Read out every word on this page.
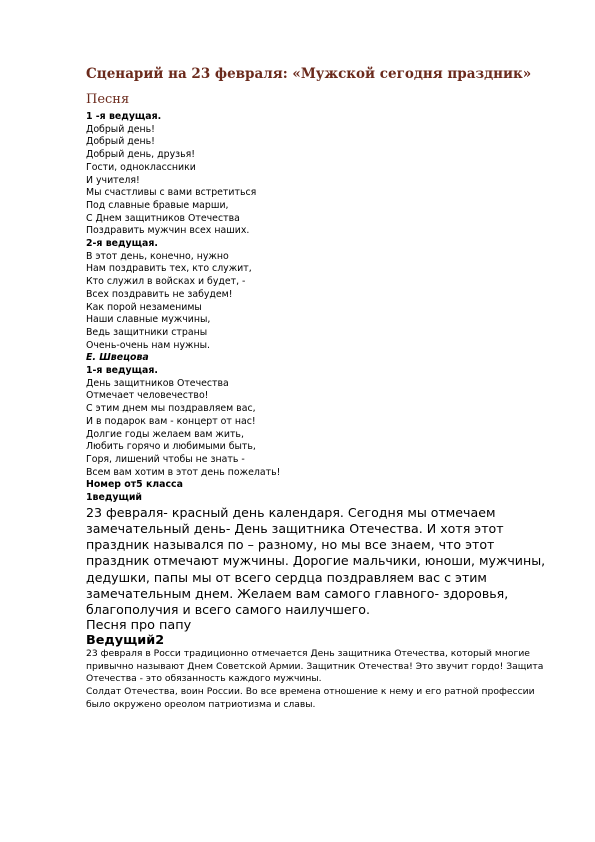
Сценарий на 23 февраля: «Мужской сегодня праздник»
Песня

1 -я ведущая.

Добрый день!

Добрый день!

Добрый день, друзья!

Гости, одноклассники

И учителя!

Мы счастливы с вами встретиться

Под славные бравые марши,

С Днем защитников Отечества

Поздравить мужчин всех наших.

2-я ведущая.

В этот день, конечно, нужно

Нам поздравить тех, кто служит,

Кто служил в войсках и будет, -

Всех поздравить не забудем!

Как порой незаменимы

Наши славные мужчины,

Ведь защитники страны

Очень-очень нам нужны.

Е. Швецова

1-я ведущая.

День защитников Отечества

Отмечает человечество!

С этим днем мы поздравляем вас,

И в подарок вам - концерт от нас!

Долгие годы желаем вам жить,

Любить горячо и любимыми быть,

Горя, лишений чтобы не знать -

Всем вам хотим в этот день пожелать!

Номер от5 класса

1ведущий

23 февраля- красный день календаря. Сегодня мы отмечаем замечательный день- День защитника Отечества. И хотя этот праздник назывался по – разному, но мы все знаем, что этот праздник отмечают мужчины. Дорогие мальчики, юноши, мужчины, дедушки, папы мы от всего сердца поздравляем вас с этим замечательным днем. Желаем вам самого главного- здоровья, благополучия и всего самого наилучшего.

Песня про папу

Ведущий2

23 февраля в Росси традиционно отмечается День защитника Отечества, который многие привычно называют Днем Советской Армии. Защитник Отечества! Это звучит гордо! Защита Отечества - это обязанность каждого мужчины.

Солдат Отечества, воин России. Во все времена отношение к нему и его ратной профессии было окружено ореолом патриотизма и славы.
